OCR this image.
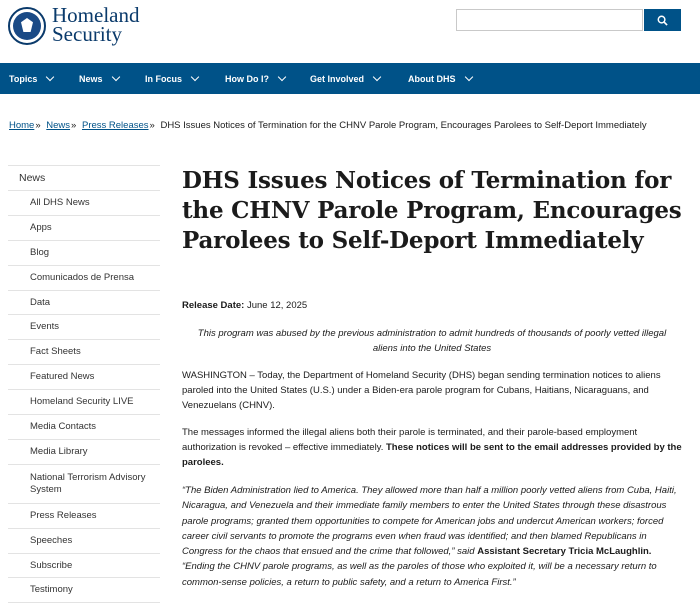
Homeland
Security
Topics	News	In Focus	How Do I?	Get Involved	About DHS
Home» News» Press Releases» DHS Issues Notices of Termination for the CHNV Parole Program, Encourages Parolees to Self-Deport Immediately
News
All DHS News
Apps
Blog
Comunicados de Prensa
Data
Events
Fact Sheets
Featured News
Homeland Security LIVE
Media Contacts
Media Library
National Terrorism Advisory System
Press Releases
Speeches
Subscribe
Testimony
DHS Issues Notices of Termination for the CHNV Parole Program, Encourages Parolees to Self-Deport Immediately
Release Date: June 12, 2025
This program was abused by the previous administration to admit hundreds of thousands of poorly vetted illegal aliens into the United States

WASHINGTON – Today, the Department of Homeland Security (DHS) began sending termination notices to aliens paroled into the United States (U.S.) under a Biden-era parole program for Cubans, Haitians, Nicaraguans, and Venezuelans (CHNV).

The messages informed the illegal aliens both their parole is terminated, and their parole-based employment authorization is revoked – effective immediately. These notices will be sent to the email addresses provided by the parolees.

“The Biden Administration lied to America. They allowed more than half a million poorly vetted aliens from Cuba, Haiti, Nicaragua, and Venezuela and their immediate family members to enter the United States through these disastrous parole programs; granted them opportunities to compete for American jobs and undercut American workers; forced career civil servants to promote the programs even when fraud was identified; and then blamed Republicans in Congress for the chaos that ensued and the crime that followed,” said Assistant Secretary Tricia McLaughlin. “Ending the CHNV parole programs, as well as the paroles of those who exploited it, will be a necessary return to common-sense policies, a return to public safety, and a return to America First.”
